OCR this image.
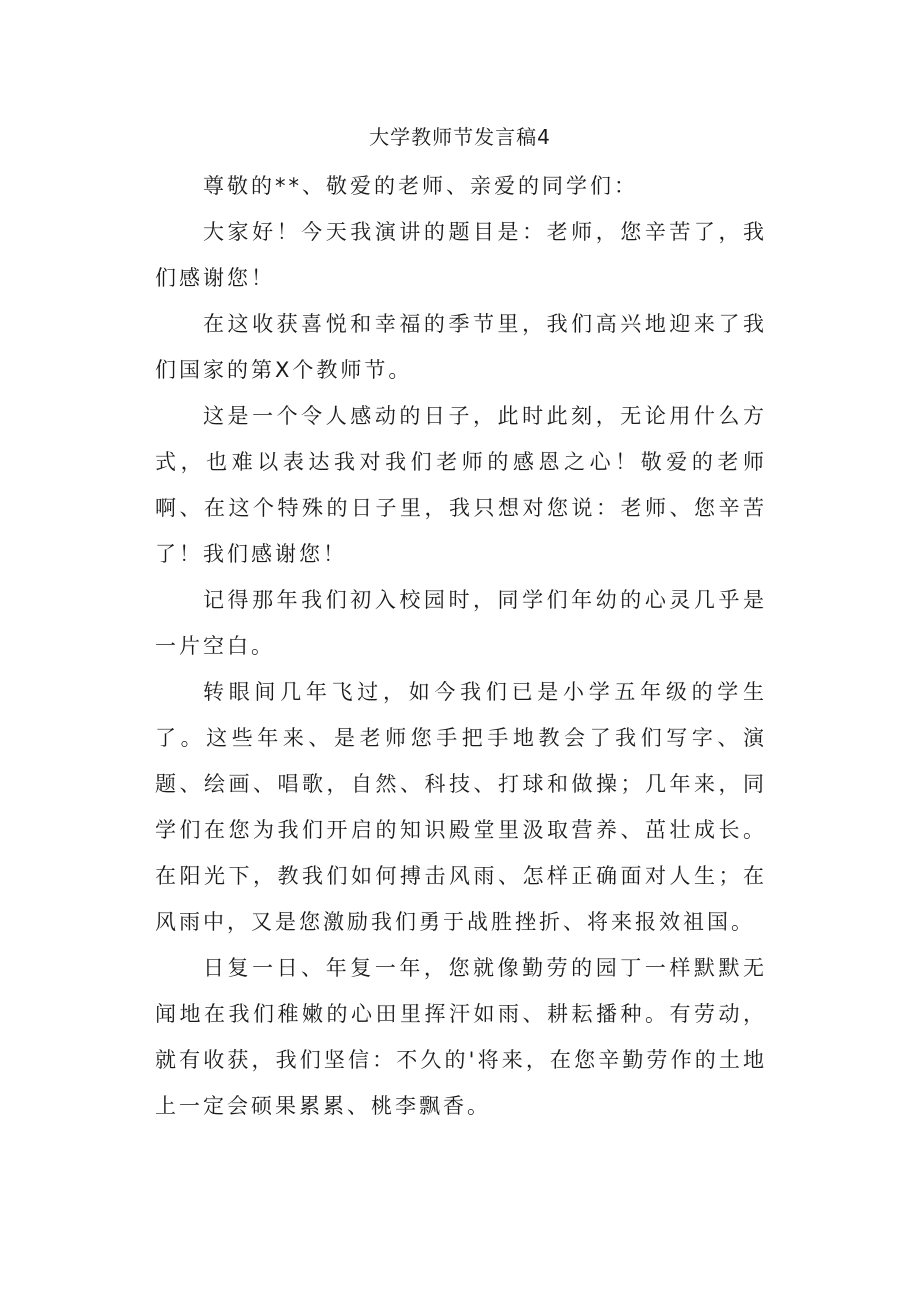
大学教师节发言稿4

尊敬的**、敬爱的老师、亲爱的同学们：

大家好！今天我演讲的题目是：老师，您辛苦了，我们感谢您！

在这收获喜悦和幸福的季节里，我们高兴地迎来了我们国家的第X个教师节。

这是一个令人感动的日子，此时此刻，无论用什么方式，也难以表达我对我们老师的感恩之心！敬爱的老师啊、在这个特殊的日子里，我只想对您说：老师、您辛苦了！我们感谢您！

记得那年我们初入校园时，同学们年幼的心灵几乎是一片空白。

转眼间几年飞过，如今我们已是小学五年级的学生了。这些年来、是老师您手把手地教会了我们写字、演题、绘画、唱歌，自然、科技、打球和做操；几年来，同学们在您为我们开启的知识殿堂里汲取营养、茁壮成长。在阳光下，教我们如何搏击风雨、怎样正确面对人生；在风雨中，又是您激励我们勇于战胜挫折、将来报效祖国。

日复一日、年复一年，您就像勤劳的园丁一样默默无闻地在我们稚嫩的心田里挥汗如雨、耕耘播种。有劳动，就有收获，我们坚信：不久的'将来，在您辛勤劳作的土地上一定会硕果累累、桃李飘香。
